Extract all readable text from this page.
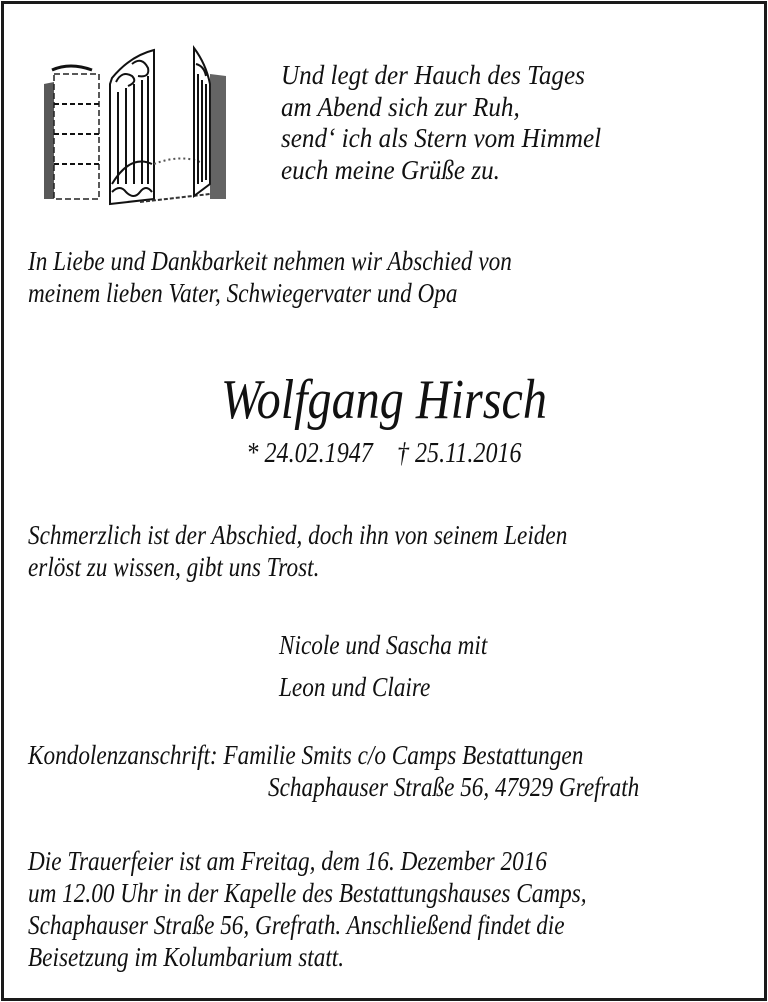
Und legt der Hauch des Tages
am Abend sich zur Ruh,
send‘ ich als Stern vom Himmel
euch meine Grüße zu.
In Liebe und Dankbarkeit nehmen wir Abschied von
meinem lieben Vater, Schwiegervater und Opa
Wolfgang Hirsch
* 24.02.1947    † 25.11.2016
Schmerzlich ist der Abschied, doch ihn von seinem Leiden
erlöst zu wissen, gibt uns Trost.
Nicole und Sascha mit
Leon und Claire
Kondolenzanschrift: Familie Smits c/o Camps Bestattungen
Schaphauser Straße 56, 47929 Grefrath
Die Trauerfeier ist am Freitag, dem 16. Dezember 2016
um 12.00 Uhr in der Kapelle des Bestattungshauses Camps,
Schaphauser Straße 56, Grefrath. Anschließend findet die
Beisetzung im Kolumbarium statt.
